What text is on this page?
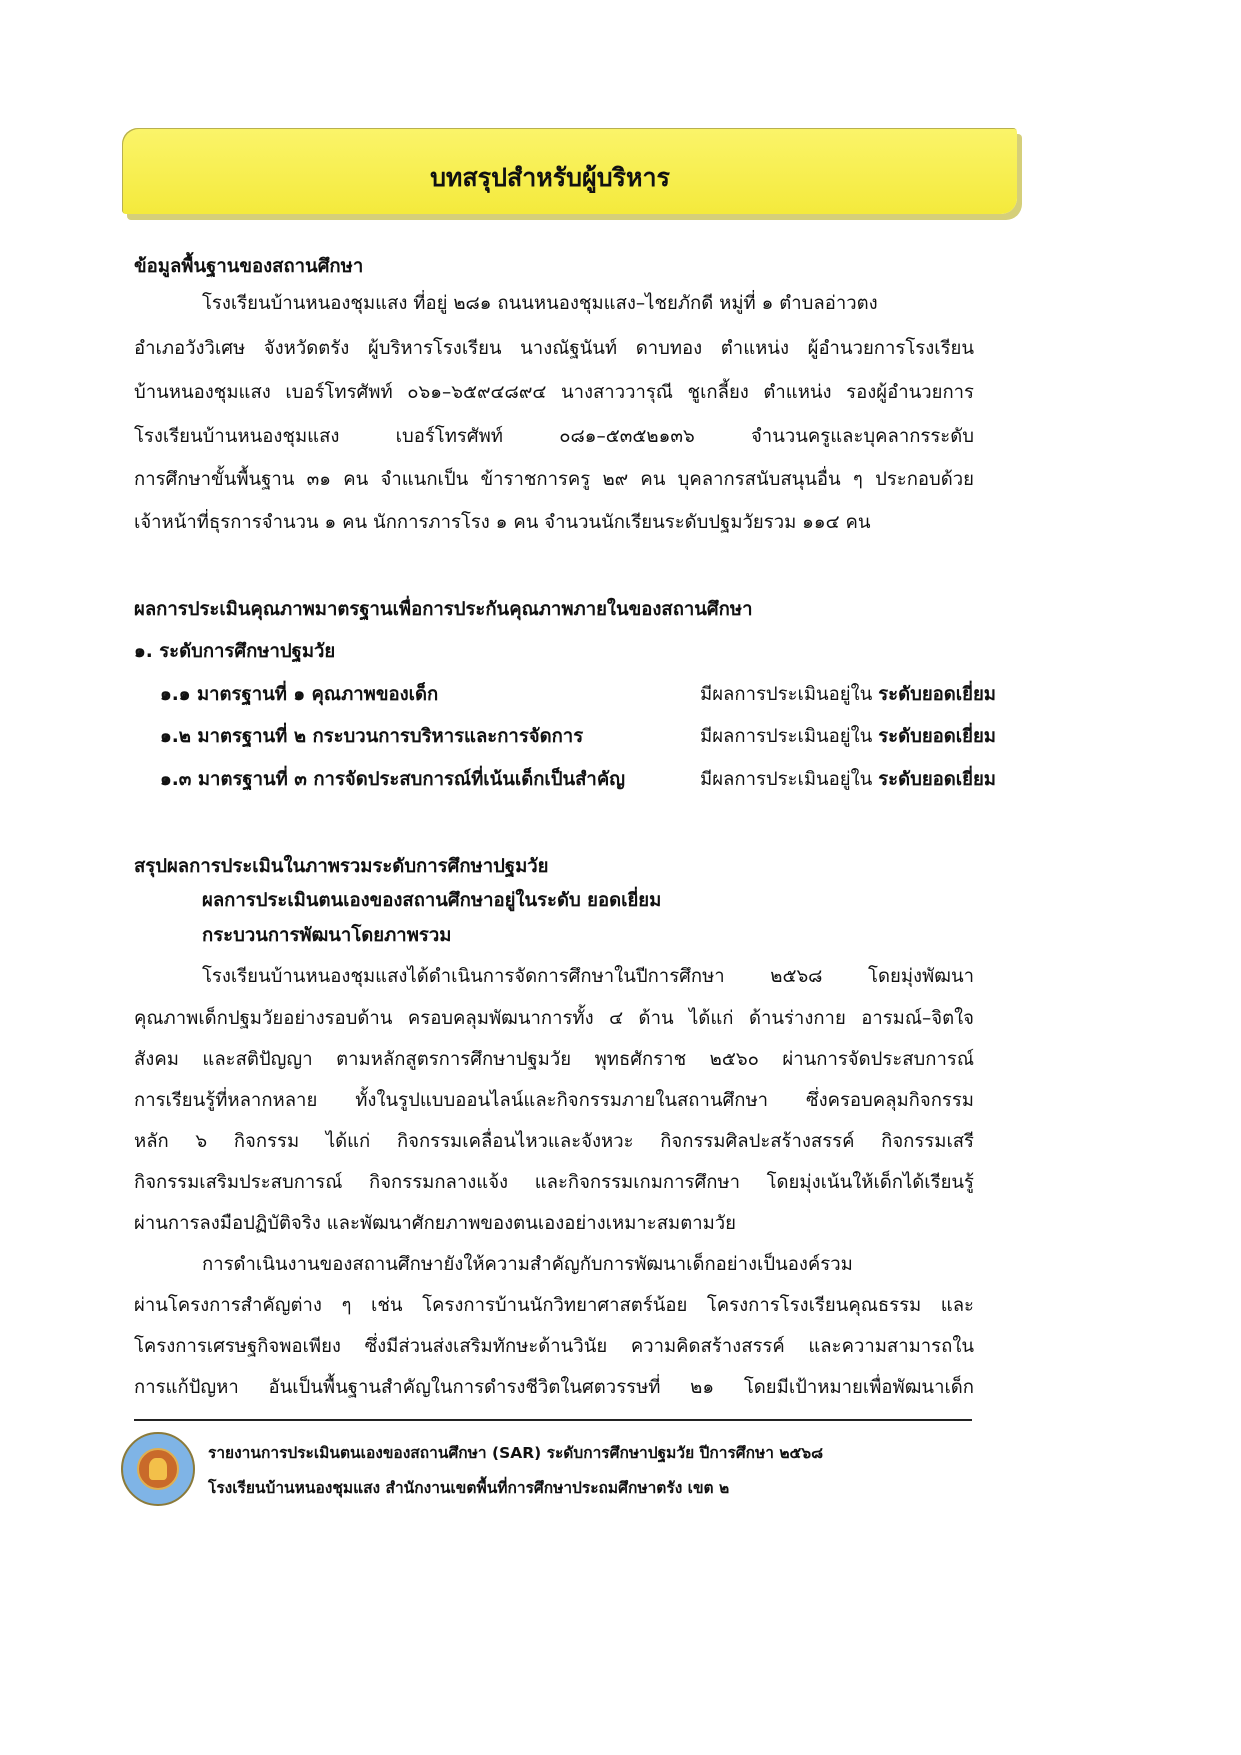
บทสรุปสำหรับผู้บริหาร
ข้อมูลพื้นฐานของสถานศึกษา
โรงเรียนบ้านหนองชุมแสง ที่อยู่ ๒๘๑ ถนนหนองชุมแสง–ไชยภักดี หมู่ที่ ๑ ตำบลอ่าวตง
อำเภอวังวิเศษ จังหวัดตรัง ผู้บริหารโรงเรียน นางณัฐนันท์ ดาบทอง ตำแหน่ง ผู้อำนวยการโรงเรียน
บ้านหนองชุมแสง เบอร์โทรศัพท์ ๐๖๑–๖๕๙๔๘๙๔ นางสาววารุณี ชูเกลี้ยง ตำแหน่ง รองผู้อำนวยการ
โรงเรียนบ้านหนองชุมแสง เบอร์โทรศัพท์ ๐๘๑–๕๓๕๒๑๓๖ จำนวนครูและบุคลากรระดับ
การศึกษาขั้นพื้นฐาน ๓๑ คน จำแนกเป็น ข้าราชการครู ๒๙ คน บุคลากรสนับสนุนอื่น ๆ ประกอบด้วย
เจ้าหน้าที่ธุรการจำนวน ๑ คน นักการภารโรง ๑ คน จำนวนนักเรียนระดับปฐมวัยรวม ๑๑๔ คน
ผลการประเมินคุณภาพมาตรฐานเพื่อการประกันคุณภาพภายในของสถานศึกษา
๑. ระดับการศึกษาปฐมวัย
๑.๑ มาตรฐานที่ ๑ คุณภาพของเด็ก	มีผลการประเมินอยู่ใน ระดับยอดเยี่ยม
๑.๒ มาตรฐานที่ ๒ กระบวนการบริหารและการจัดการ	มีผลการประเมินอยู่ใน ระดับยอดเยี่ยม
๑.๓ มาตรฐานที่ ๓ การจัดประสบการณ์ที่เน้นเด็กเป็นสำคัญ	มีผลการประเมินอยู่ใน ระดับยอดเยี่ยม
สรุปผลการประเมินในภาพรวมระดับการศึกษาปฐมวัย
ผลการประเมินตนเองของสถานศึกษาอยู่ในระดับ ยอดเยี่ยม
กระบวนการพัฒนาโดยภาพรวม
โรงเรียนบ้านหนองชุมแสงได้ดำเนินการจัดการศึกษาในปีการศึกษา ๒๕๖๘ โดยมุ่งพัฒนา
คุณภาพเด็กปฐมวัยอย่างรอบด้าน ครอบคลุมพัฒนาการทั้ง ๔ ด้าน ได้แก่ ด้านร่างกาย อารมณ์–จิตใจ
สังคม และสติปัญญา ตามหลักสูตรการศึกษาปฐมวัย พุทธศักราช ๒๕๖๐ ผ่านการจัดประสบการณ์
การเรียนรู้ที่หลากหลาย ทั้งในรูปแบบออนไลน์และกิจกรรมภายในสถานศึกษา ซึ่งครอบคลุมกิจกรรม
หลัก ๖ กิจกรรม ได้แก่ กิจกรรมเคลื่อนไหวและจังหวะ กิจกรรมศิลปะสร้างสรรค์ กิจกรรมเสรี
กิจกรรมเสริมประสบการณ์ กิจกรรมกลางแจ้ง และกิจกรรมเกมการศึกษา โดยมุ่งเน้นให้เด็กได้เรียนรู้
ผ่านการลงมือปฏิบัติจริง และพัฒนาศักยภาพของตนเองอย่างเหมาะสมตามวัย
การดำเนินงานของสถานศึกษายังให้ความสำคัญกับการพัฒนาเด็กอย่างเป็นองค์รวม
ผ่านโครงการสำคัญต่าง ๆ เช่น โครงการบ้านนักวิทยาศาสตร์น้อย โครงการโรงเรียนคุณธรรม และ
โครงการเศรษฐกิจพอเพียง ซึ่งมีส่วนส่งเสริมทักษะด้านวินัย ความคิดสร้างสรรค์ และความสามารถใน
การแก้ปัญหา อันเป็นพื้นฐานสำคัญในการดำรงชีวิตในศตวรรษที่ ๒๑ โดยมีเป้าหมายเพื่อพัฒนาเด็ก
รายงานการประเมินตนเองของสถานศึกษา (SAR) ระดับการศึกษาปฐมวัย ปีการศึกษา ๒๕๖๘
โรงเรียนบ้านหนองชุมแสง สำนักงานเขตพื้นที่การศึกษาประถมศึกษาตรัง เขต ๒
